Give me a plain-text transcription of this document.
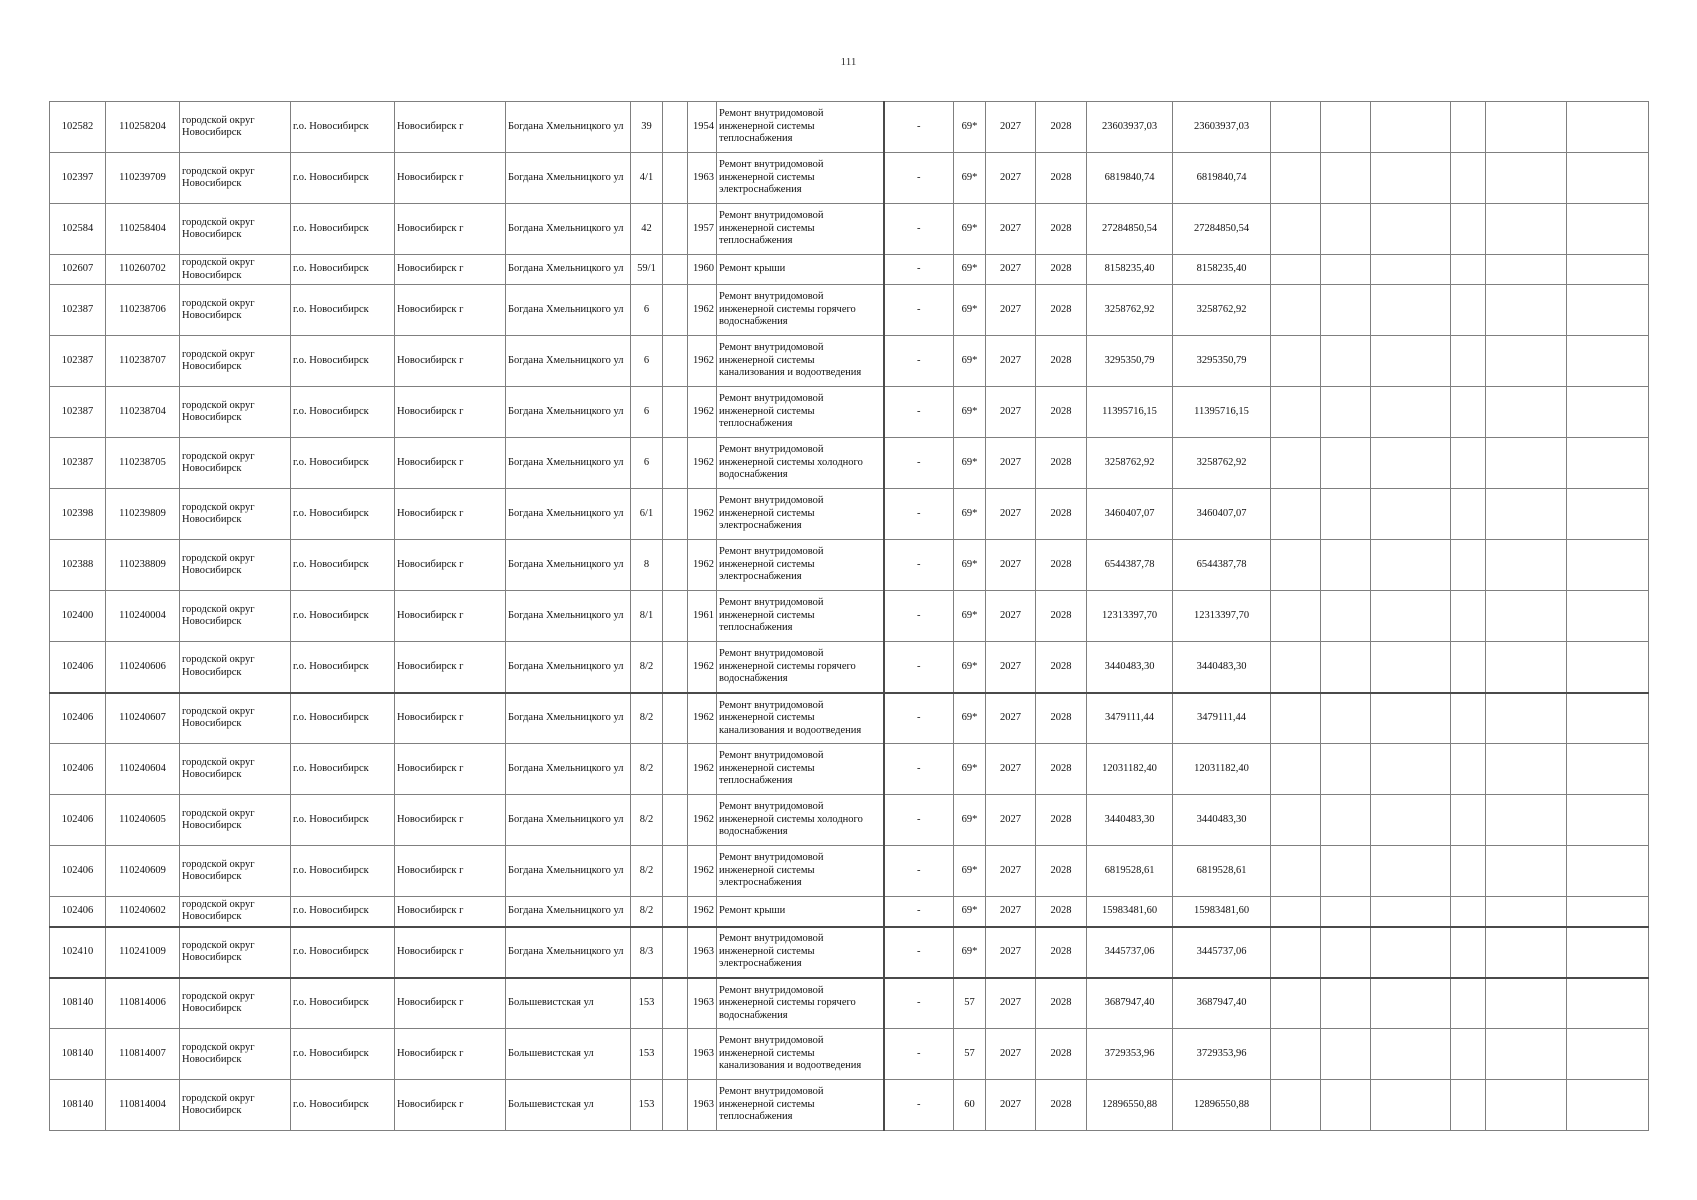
111
102582	110258204	городской округ Новосибирск	г.о. Новосибирск	Новосибирск г	Богдана Хмельницкого ул	39		1954	Ремонт внутридомовой инженерной системы теплоснабжения	-	69*	2027	2028	23603937,03	23603937,03						
102397	110239709	городской округ Новосибирск	г.о. Новосибирск	Новосибирск г	Богдана Хмельницкого ул	4/1		1963	Ремонт внутридомовой инженерной системы электроснабжения	-	69*	2027	2028	6819840,74	6819840,74						
102584	110258404	городской округ Новосибирск	г.о. Новосибирск	Новосибирск г	Богдана Хмельницкого ул	42		1957	Ремонт внутридомовой инженерной системы теплоснабжения	-	69*	2027	2028	27284850,54	27284850,54						
102607	110260702	городской округ Новосибирск	г.о. Новосибирск	Новосибирск г	Богдана Хмельницкого ул	59/1		1960	Ремонт крыши	-	69*	2027	2028	8158235,40	8158235,40						
102387	110238706	городской округ Новосибирск	г.о. Новосибирск	Новосибирск г	Богдана Хмельницкого ул	6		1962	Ремонт внутридомовой инженерной системы горячего водоснабжения	-	69*	2027	2028	3258762,92	3258762,92						
102387	110238707	городской округ Новосибирск	г.о. Новосибирск	Новосибирск г	Богдана Хмельницкого ул	6		1962	Ремонт внутридомовой инженерной системы канализования и водоотведения	-	69*	2027	2028	3295350,79	3295350,79						
102387	110238704	городской округ Новосибирск	г.о. Новосибирск	Новосибирск г	Богдана Хмельницкого ул	6		1962	Ремонт внутридомовой инженерной системы теплоснабжения	-	69*	2027	2028	11395716,15	11395716,15						
102387	110238705	городской округ Новосибирск	г.о. Новосибирск	Новосибирск г	Богдана Хмельницкого ул	6		1962	Ремонт внутридомовой инженерной системы холодного водоснабжения	-	69*	2027	2028	3258762,92	3258762,92						
102398	110239809	городской округ Новосибирск	г.о. Новосибирск	Новосибирск г	Богдана Хмельницкого ул	6/1		1962	Ремонт внутридомовой инженерной системы электроснабжения	-	69*	2027	2028	3460407,07	3460407,07						
102388	110238809	городской округ Новосибирск	г.о. Новосибирск	Новосибирск г	Богдана Хмельницкого ул	8		1962	Ремонт внутридомовой инженерной системы электроснабжения	-	69*	2027	2028	6544387,78	6544387,78						
102400	110240004	городской округ Новосибирск	г.о. Новосибирск	Новосибирск г	Богдана Хмельницкого ул	8/1		1961	Ремонт внутридомовой инженерной системы теплоснабжения	-	69*	2027	2028	12313397,70	12313397,70						
102406	110240606	городской округ Новосибирск	г.о. Новосибирск	Новосибирск г	Богдана Хмельницкого ул	8/2		1962	Ремонт внутридомовой инженерной системы горячего водоснабжения	-	69*	2027	2028	3440483,30	3440483,30						
102406	110240607	городской округ Новосибирск	г.о. Новосибирск	Новосибирск г	Богдана Хмельницкого ул	8/2		1962	Ремонт внутридомовой инженерной системы канализования и водоотведения	-	69*	2027	2028	3479111,44	3479111,44						
102406	110240604	городской округ Новосибирск	г.о. Новосибирск	Новосибирск г	Богдана Хмельницкого ул	8/2		1962	Ремонт внутридомовой инженерной системы теплоснабжения	-	69*	2027	2028	12031182,40	12031182,40						
102406	110240605	городской округ Новосибирск	г.о. Новосибирск	Новосибирск г	Богдана Хмельницкого ул	8/2		1962	Ремонт внутридомовой инженерной системы холодного водоснабжения	-	69*	2027	2028	3440483,30	3440483,30						
102406	110240609	городской округ Новосибирск	г.о. Новосибирск	Новосибирск г	Богдана Хмельницкого ул	8/2		1962	Ремонт внутридомовой инженерной системы электроснабжения	-	69*	2027	2028	6819528,61	6819528,61						
102406	110240602	городской округ Новосибирск	г.о. Новосибирск	Новосибирск г	Богдана Хмельницкого ул	8/2		1962	Ремонт крыши	-	69*	2027	2028	15983481,60	15983481,60						
102410	110241009	городской округ Новосибирск	г.о. Новосибирск	Новосибирск г	Богдана Хмельницкого ул	8/3		1963	Ремонт внутридомовой инженерной системы электроснабжения	-	69*	2027	2028	3445737,06	3445737,06						
108140	110814006	городской округ Новосибирск	г.о. Новосибирск	Новосибирск г	Большевистская ул	153		1963	Ремонт внутридомовой инженерной системы горячего водоснабжения	-	57	2027	2028	3687947,40	3687947,40						
108140	110814007	городской округ Новосибирск	г.о. Новосибирск	Новосибирск г	Большевистская ул	153		1963	Ремонт внутридомовой инженерной системы канализования и водоотведения	-	57	2027	2028	3729353,96	3729353,96						
108140	110814004	городской округ Новосибирск	г.о. Новосибирск	Новосибирск г	Большевистская ул	153		1963	Ремонт внутридомовой инженерной системы теплоснабжения	-	60	2027	2028	12896550,88	12896550,88						
